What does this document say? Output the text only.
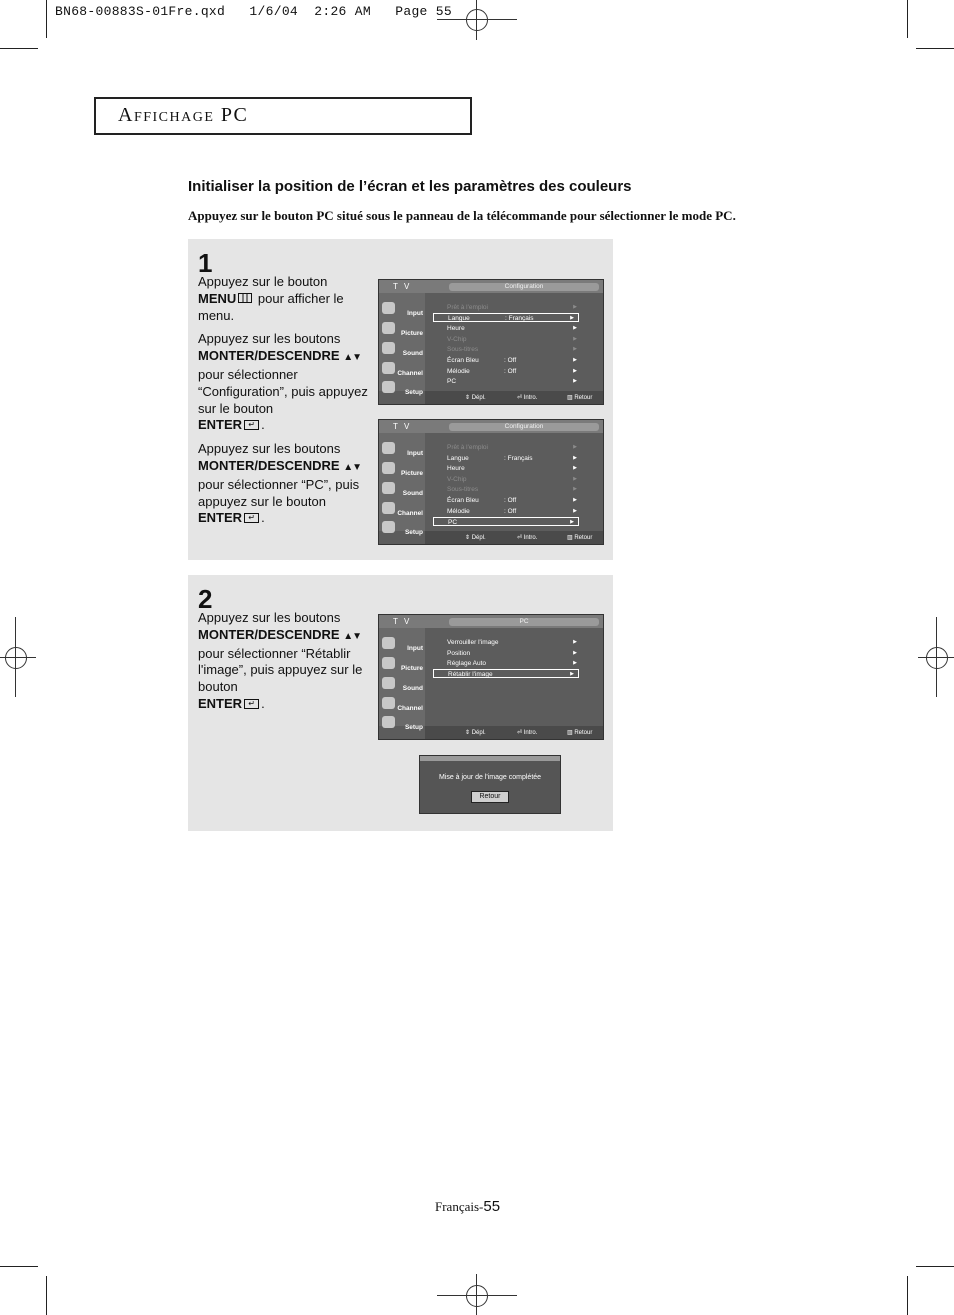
BN68-00883S-01Fre.qxd   1/6/04  2:26 AM   Page 55
Affichage PC
Initialiser la position de l’écran et les paramètres des couleurs
Appuyez sur le bouton PC situé sous le panneau de la télécommande pour sélectionner le mode PC.
1

Appuyez sur le bouton
MENU pour afficher le menu.

Appuyez sur les boutons
MONTER/DESCENDRE ▲▼
pour sélectionner “Configuration”, puis appuyez sur le bouton
ENTER ↵ .

Appuyez sur les boutons
MONTER/DESCENDRE ▲▼
pour sélectionner “PC”, puis appuyez sur le bouton
ENTER ↵ .

T V	Configuration
Input
Picture
Sound
Channel
Setup
Prêt à l'emploi	▶
Langue	: Français	▶
Heure	▶
V-Chip	▶
Sous-titres	▶
Écran Bleu	: Off	▶
Mélodie	: Off	▶
PC	▶
⇕ Dépl.	⏎ Intro.	▥ Retour
T V	Configuration
Input
Picture
Sound
Channel
Setup
Prêt à l'emploi	▶
Langue	: Français	▶
Heure	▶
V-Chip	▶
Sous-titres	▶
Écran Bleu	: Off	▶
Mélodie	: Off	▶
PC	▶
⇕ Dépl.	⏎ Intro.	▥ Retour
2

Appuyez sur les boutons
MONTER/DESCENDRE ▲▼
pour sélectionner “Rétablir l'image”, puis appuyez sur le bouton
ENTER ↵ .

T V	PC
Input
Picture
Sound
Channel
Setup
Verrouiller l'image	▶
Position	▶
Réglage Auto	▶
Rétablir l'image	▶
⇕ Dépl.	⏎ Intro.	▥ Retour
Mise à jour de l'image complétée
Retour
Français-55
